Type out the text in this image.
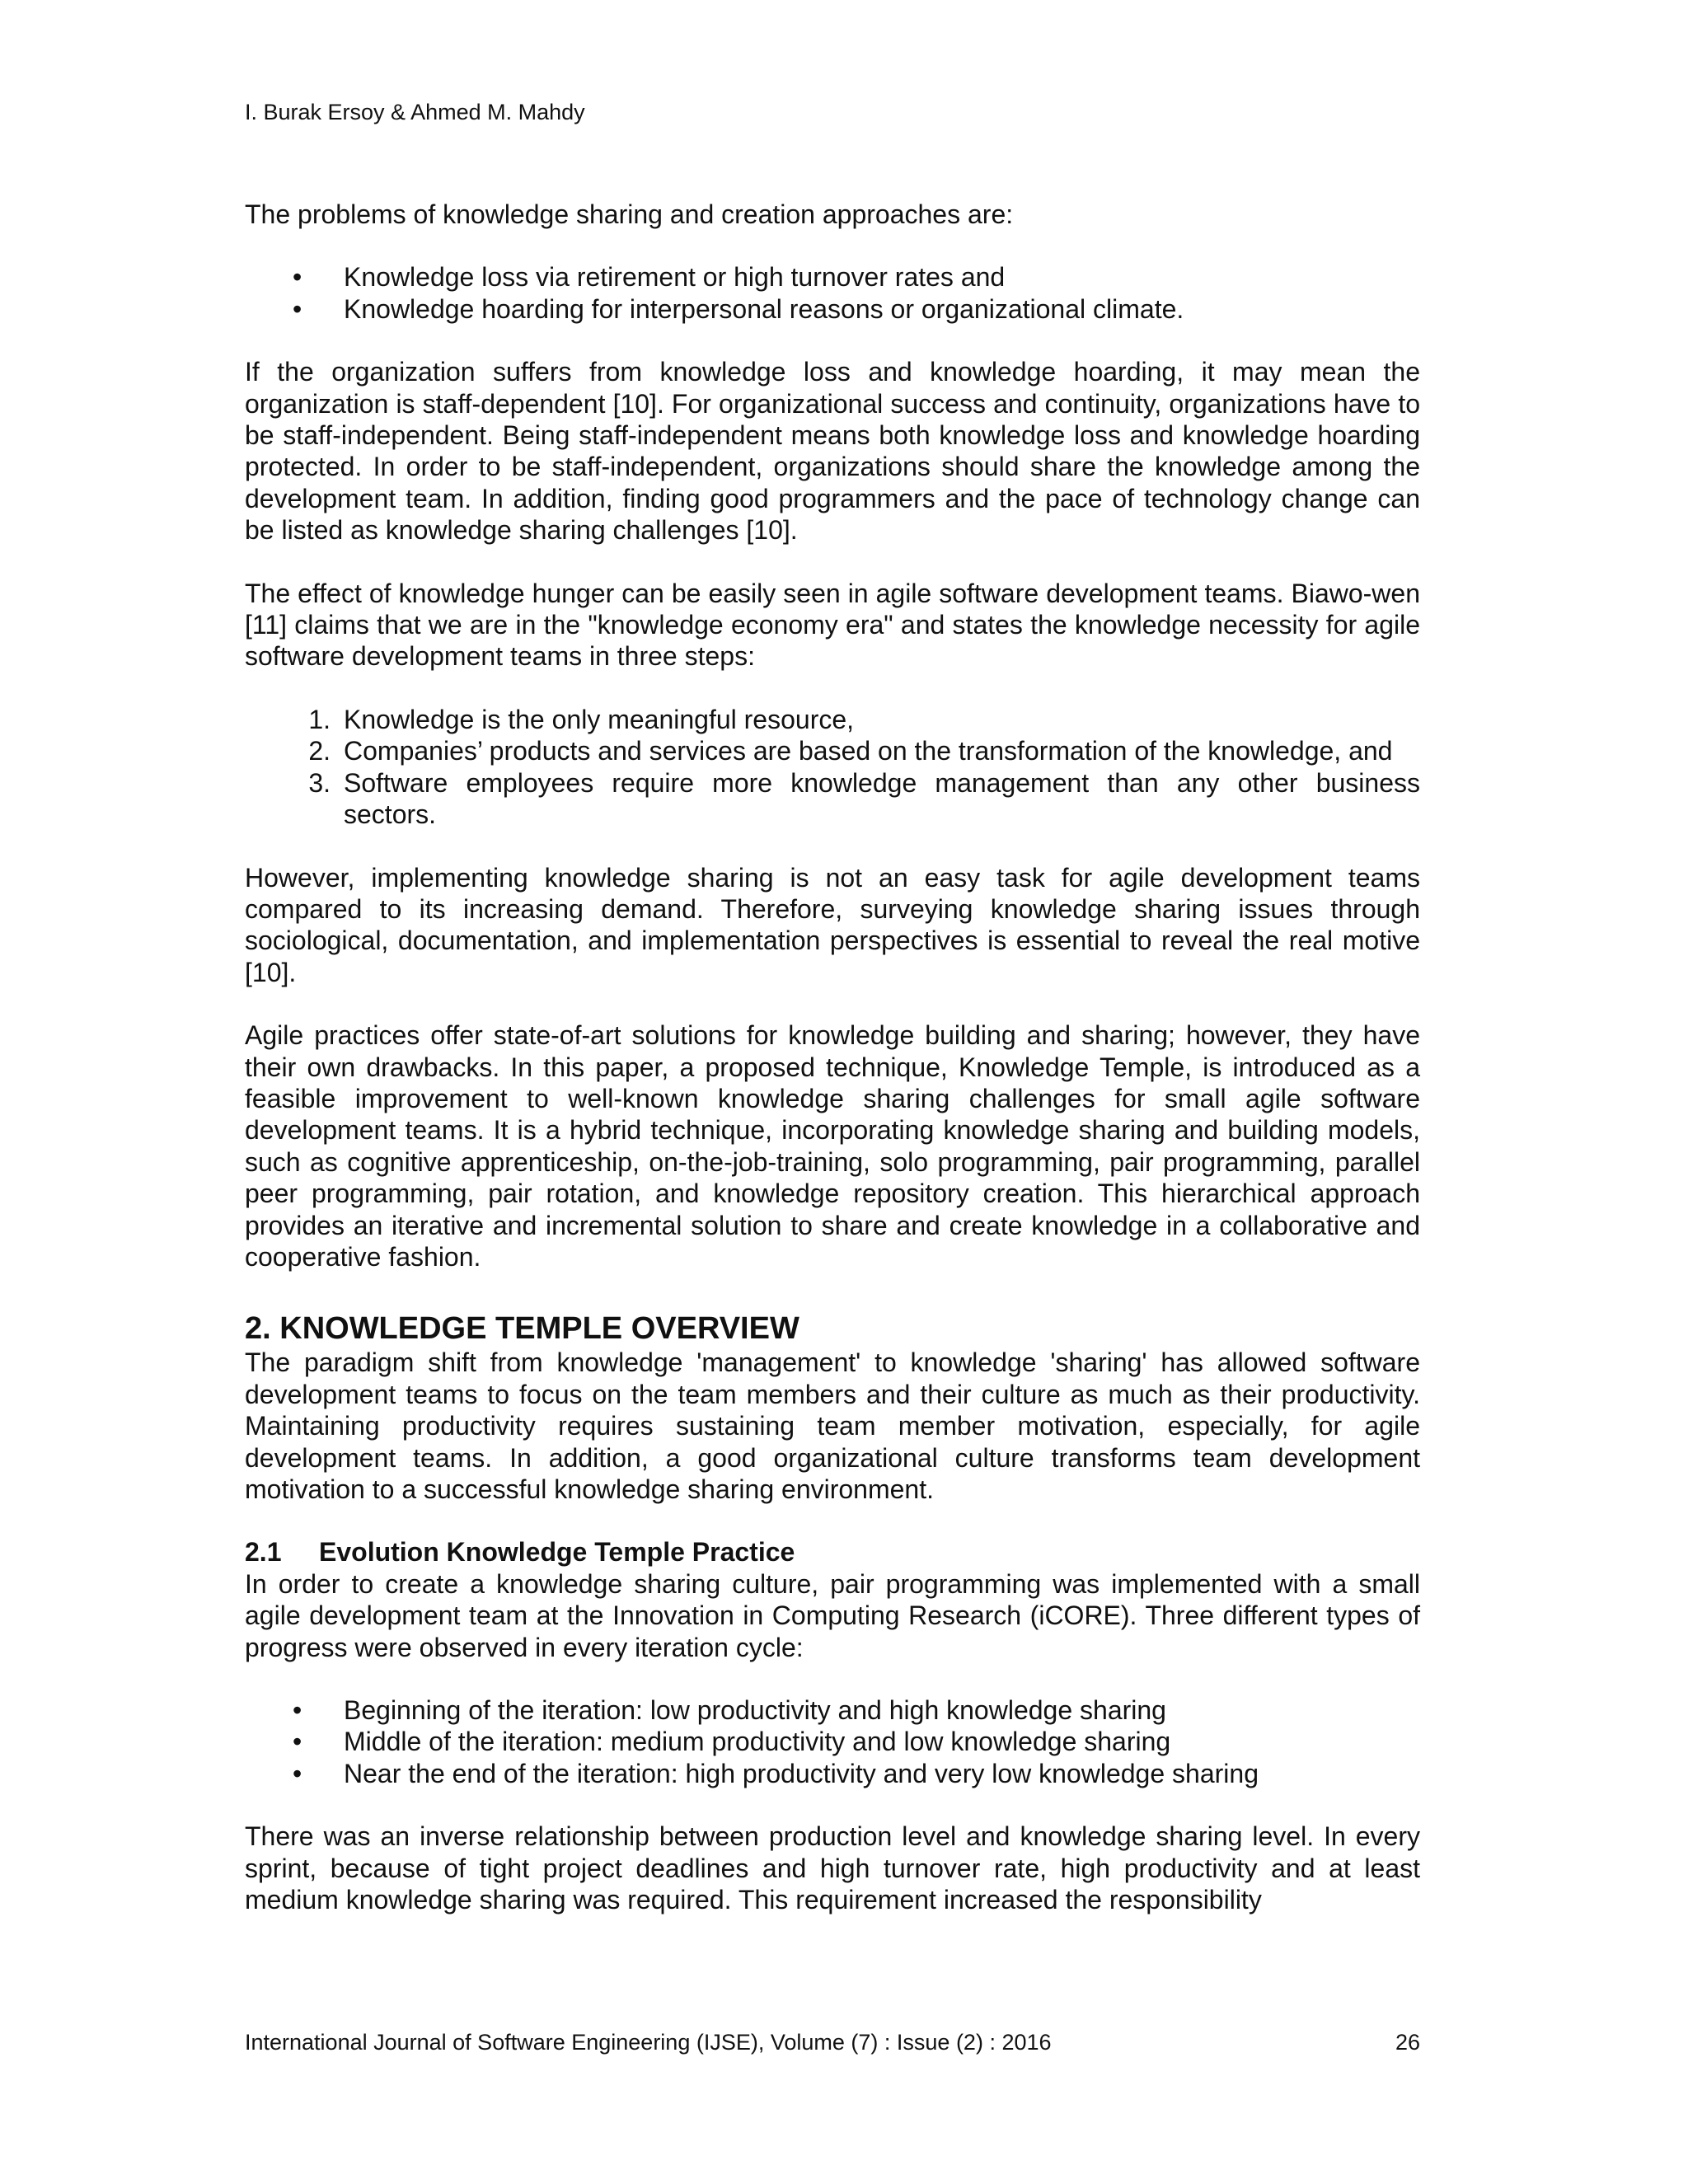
I. Burak Ersoy & Ahmed M. Mahdy

The problems of knowledge sharing and creation approaches are:

•	Knowledge loss via retirement or high turnover rates and
•	Knowledge hoarding for interpersonal reasons or organizational climate.

If the organization suffers from knowledge loss and knowledge hoarding, it may mean the organization is staff-dependent [10]. For organizational success and continuity, organizations have to be staff-independent. Being staff-independent means both knowledge loss and knowledge hoarding protected. In order to be staff-independent, organizations should share the knowledge among the development team. In addition, finding good programmers and the pace of technology change can be listed as knowledge sharing challenges [10].

The effect of knowledge hunger can be easily seen in agile software development teams. Biawo-wen [11] claims that we are in the "knowledge economy era" and states the knowledge necessity for agile software development teams in three steps:

1. Knowledge is the only meaningful resource,
2. Companies’ products and services are based on the transformation of the knowledge, and
3. Software employees require more knowledge management than any other business sectors.

However, implementing knowledge sharing is not an easy task for agile development teams compared to its increasing demand. Therefore, surveying knowledge sharing issues through sociological, documentation, and implementation perspectives is essential to reveal the real motive [10].

Agile practices offer state-of-art solutions for knowledge building and sharing; however, they have their own drawbacks. In this paper, a proposed technique, Knowledge Temple, is introduced as a feasible improvement to well-known knowledge sharing challenges for small agile software development teams. It is a hybrid technique, incorporating knowledge sharing and building models, such as cognitive apprenticeship, on-the-job-training, solo programming, pair programming, parallel peer programming, pair rotation, and knowledge repository creation. This hierarchical approach provides an iterative and incremental solution to share and create knowledge in a collaborative and cooperative fashion.

2. KNOWLEDGE TEMPLE OVERVIEW

The paradigm shift from knowledge 'management' to knowledge 'sharing' has allowed software development teams to focus on the team members and their culture as much as their productivity. Maintaining productivity requires sustaining team member motivation, especially, for agile development teams. In addition, a good organizational culture transforms team development motivation to a successful knowledge sharing environment.

2.1 Evolution Knowledge Temple Practice

In order to create a knowledge sharing culture, pair programming was implemented with a small agile development team at the Innovation in Computing Research (iCORE). Three different types of progress were observed in every iteration cycle:

•	Beginning of the iteration: low productivity and high knowledge sharing
•	Middle of the iteration: medium productivity and low knowledge sharing
•	Near the end of the iteration: high productivity and very low knowledge sharing

There was an inverse relationship between production level and knowledge sharing level. In every sprint, because of tight project deadlines and high turnover rate, high productivity and at least medium knowledge sharing was required. This requirement increased the responsibility

International Journal of Software Engineering (IJSE), Volume (7) : Issue (2) : 2016	26
